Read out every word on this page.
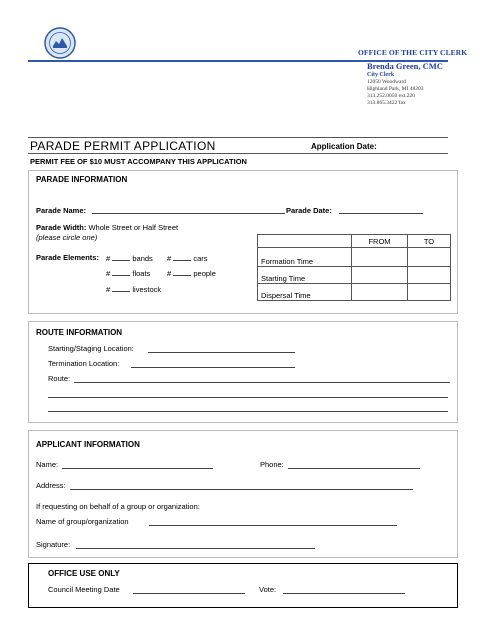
OFFICE OF THE CITY CLERK
Brenda Green, CMC
City Clerk
12050 Woodward
Highland Park, MI 48203
313.252.0050 ext.220
313.865.3422 fax
PARADE PERMIT APPLICATION	Application Date:
PERMIT FEE OF $10 MUST ACCOMPANY THIS APPLICATION
PARADE INFORMATION
Parade Name:	Parade Date:
Parade Width: Whole Street or Half Street
(please circle one)
Parade Elements: #	bands #	cars
#	floats #	people
#	livestock
	FROM	TO
Formation Time		
Starting Time		
Dispersal Time		
ROUTE INFORMATION
Starting/Staging Location:
Termination Location:
Route:
APPLICANT INFORMATION
Name:	Phone:
Address:
If requesting on behalf of a group or organization:
Name of group/organization
Signature:
OFFICE USE ONLY
Council Meeting Date	Vote:
